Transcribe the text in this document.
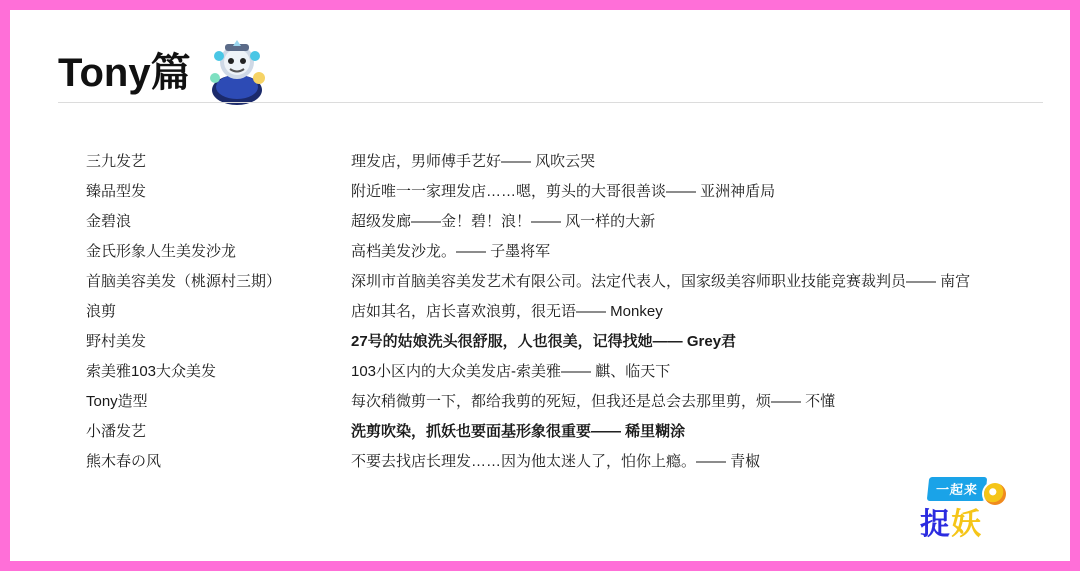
Tony篇
三九发艺	理发店，男师傅手艺好—— 风吹云哭
臻品型发	附近唯一一家理发店……嗯，剪头的大哥很善谈—— 亚洲神盾局
金碧浪	超级发廊——金！碧！浪！—— 风一样的大新
金氏形象人生美发沙龙	高档美发沙龙。—— 子墨将军
首脑美容美发（桃源村三期）	深圳市首脑美容美发艺术有限公司。法定代表人，国家级美容师职业技能竞赛裁判员—— 南宫
浪剪	店如其名，店长喜欢浪剪，很无语—— Monkey
野村美发	27号的姑娘洗头很舒服，人也很美，记得找她—— Grey君
索美雅103大众美发	103小区内的大众美发店-索美雅—— 麒、临天下
Tony造型	每次稍微剪一下，都给我剪的死短，但我还是总会去那里剪，烦—— 不懂
小潘发艺	洗剪吹染，抓妖也要面基形象很重要—— 稀里糊涂
熊木春の风	不要去找店长理发……因为他太迷人了，怕你上瘾。—— 青椒
一起来
捉妖
